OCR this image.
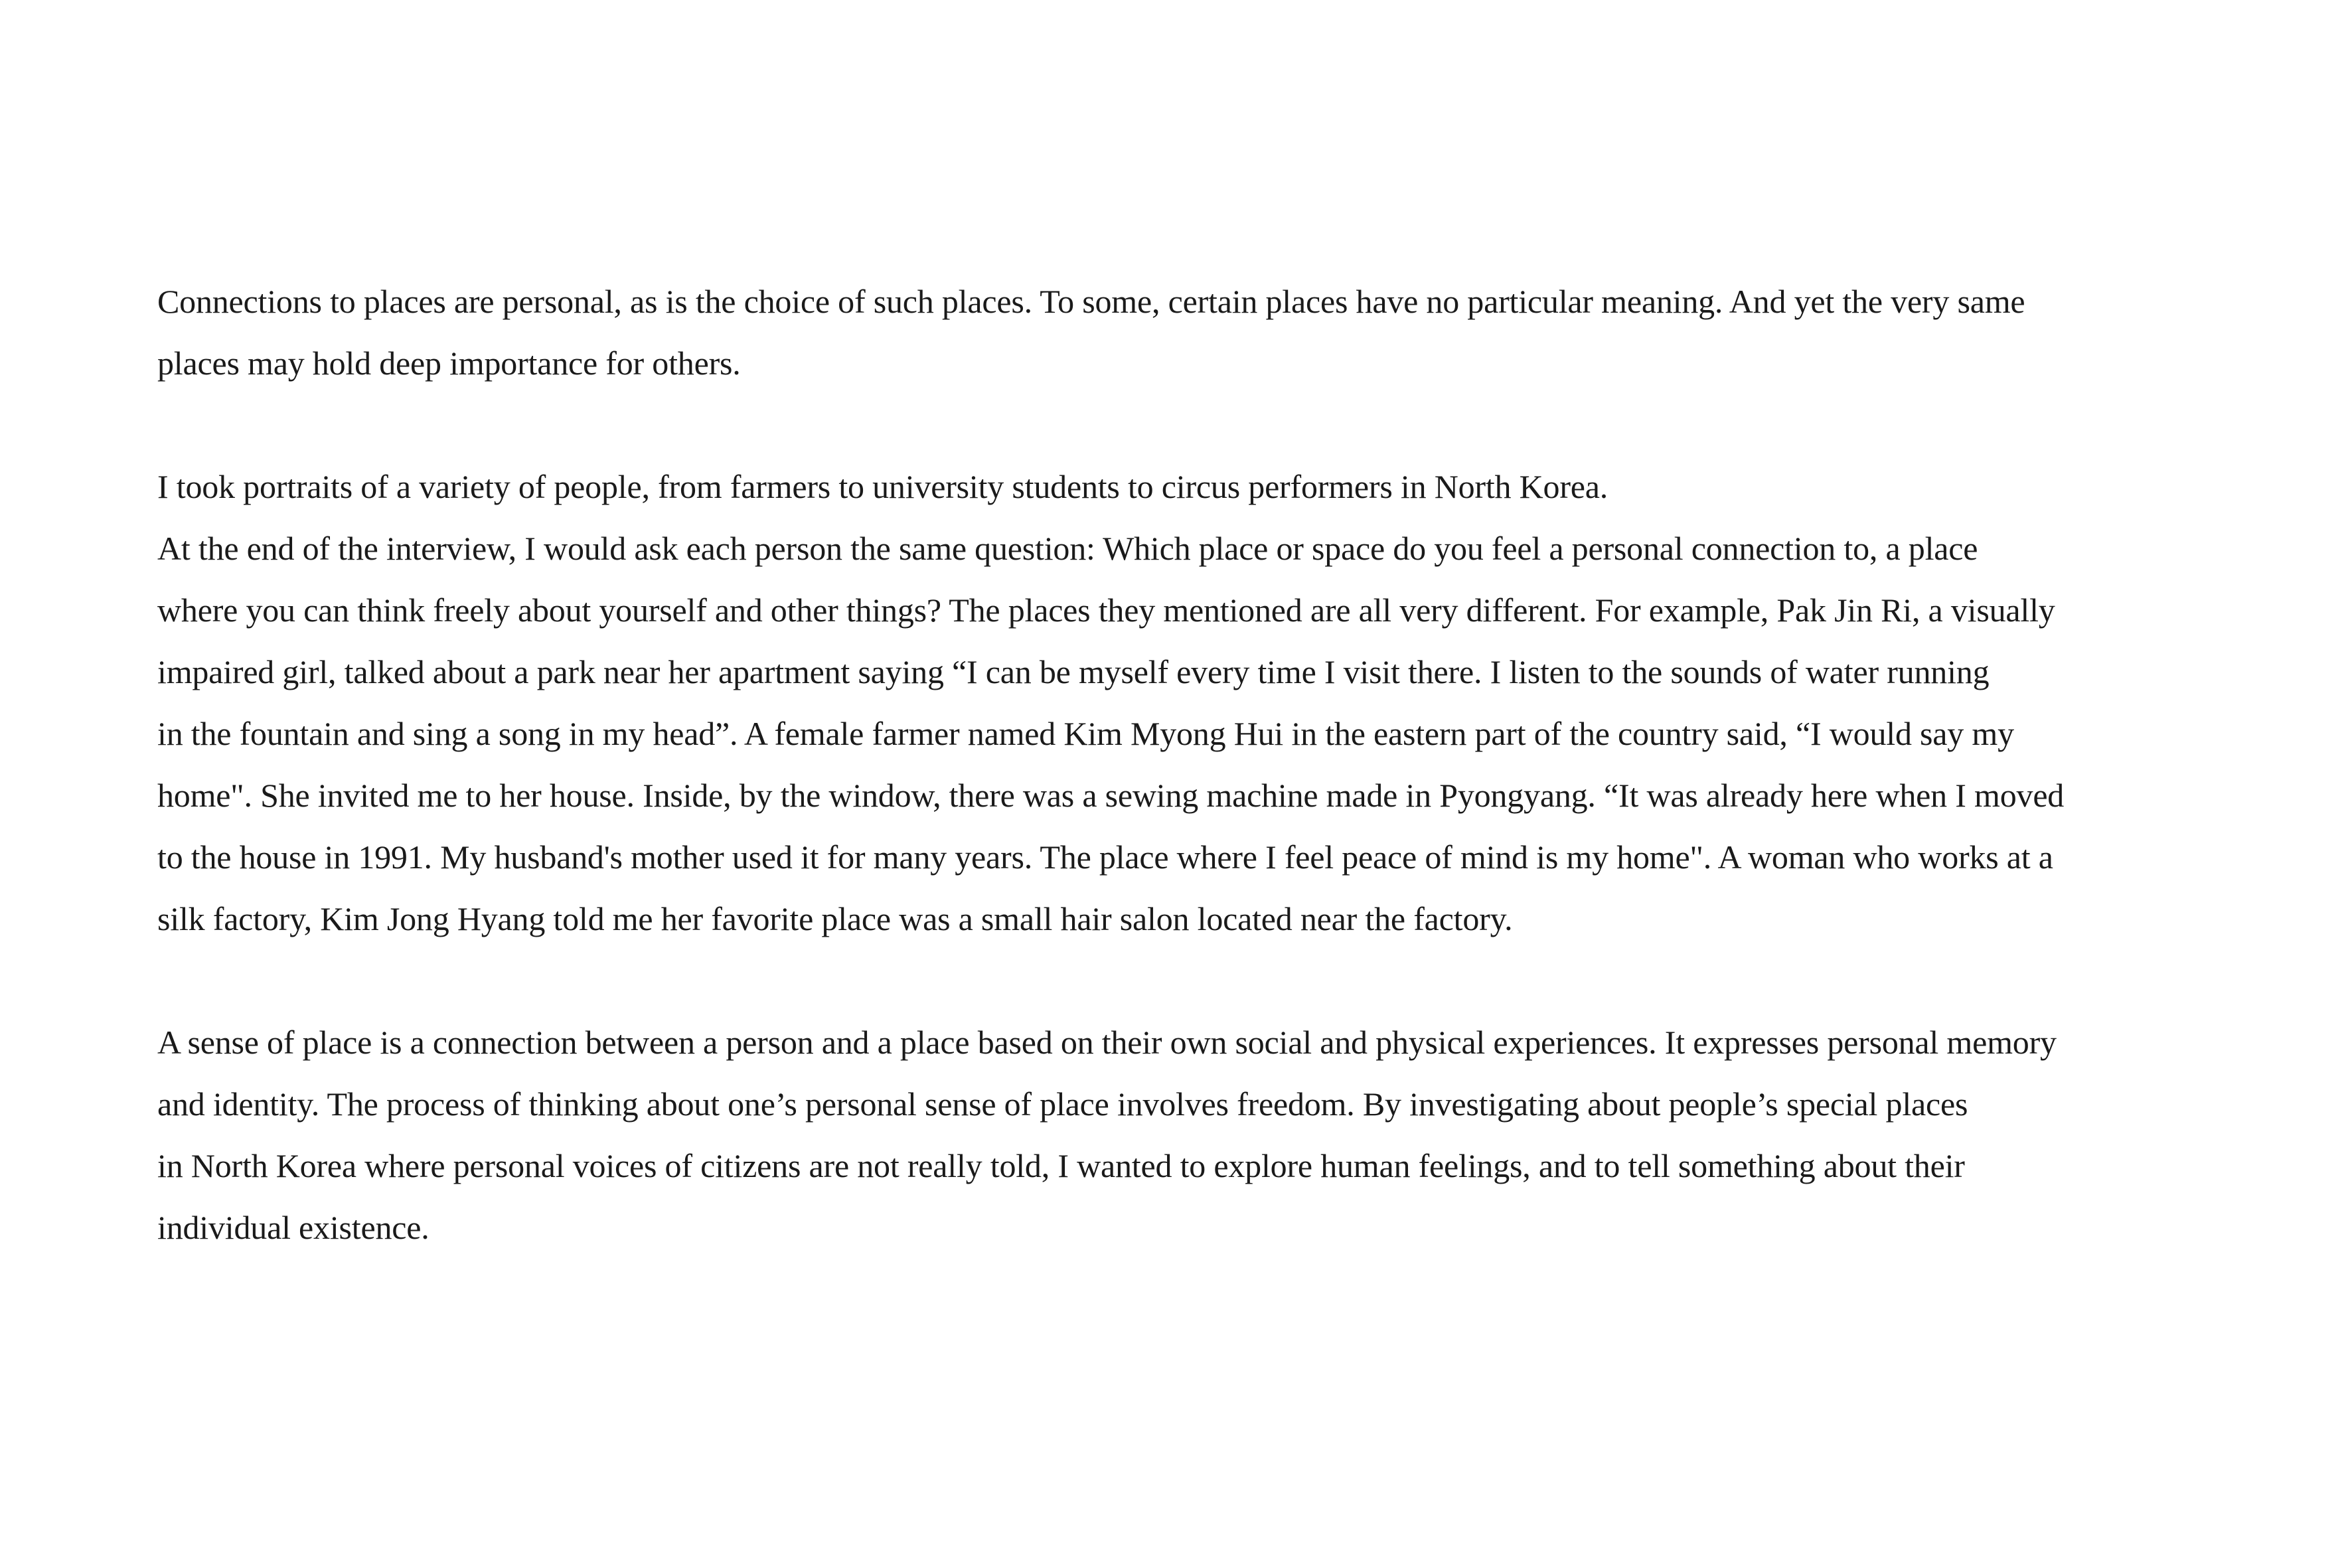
Connections to places are personal, as is the choice of such places. To some, certain places have no particular meaning. And yet the very same
places may hold deep importance for others.

I took portraits of a variety of people, from farmers to university students to circus performers in North Korea.
At the end of the interview, I would ask each person the same question: Which place or space do you feel a personal connection to, a place
where you can think freely about yourself and other things? The places they mentioned are all very different. For example, Pak Jin Ri, a visually
impaired girl, talked about a park near her apartment saying “I can be myself every time I visit there. I listen to the sounds of water running
in the fountain and sing a song in my head”. A female farmer named Kim Myong Hui in the eastern part of the country said, “I would say my
home". She invited me to her house. Inside, by the window, there was a sewing machine made in Pyongyang. “It was already here when I moved
to the house in 1991. My husband's mother used it for many years. The place where I feel peace of mind is my home". A woman who works at a
silk factory, Kim Jong Hyang told me her favorite place was a small hair salon located near the factory.

A sense of place is a connection between a person and a place based on their own social and physical experiences. It expresses personal memory
and identity. The process of thinking about one’s personal sense of place involves freedom. By investigating about people’s special places
in North Korea where personal voices of citizens are not really told, I wanted to explore human feelings, and to tell something about their
individual existence.
